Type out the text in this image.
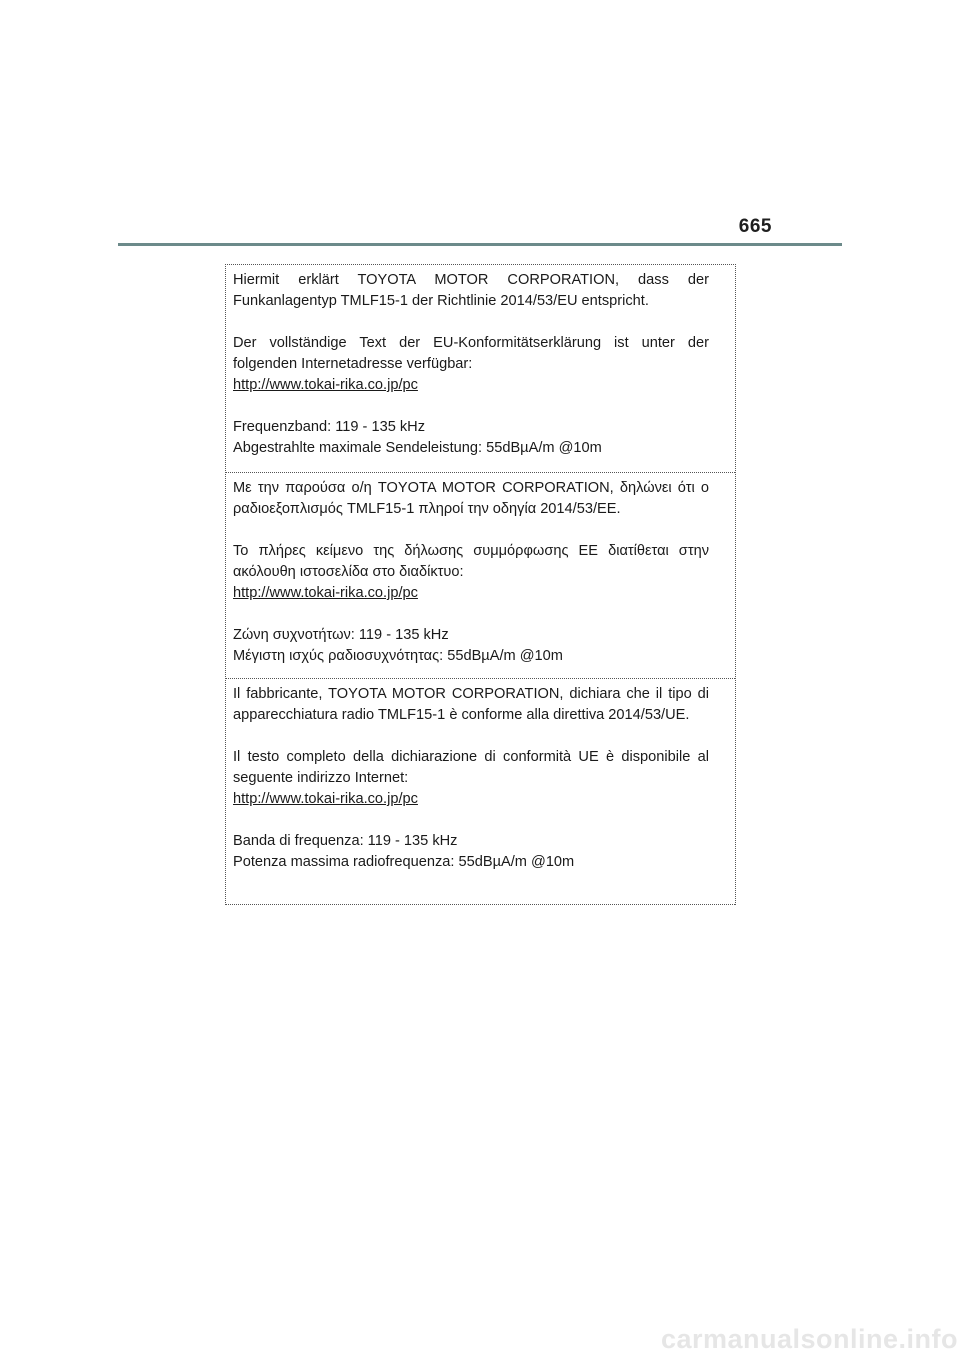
665

Hiermit erklärt TOYOTA MOTOR CORPORATION, dass der Funkanlagentyp TMLF15-1 der Richtlinie 2014/53/EU entspricht.

Der vollständige Text der EU-Konformitätserklärung ist unter der folgenden Internetadresse verfügbar:
http://www.tokai-rika.co.jp/pc

Frequenzband: 119 - 135 kHz
Abgestrahlte maximale Sendeleistung: 55dBµA/m @10m

Με την παρούσα ο/η TOYOTA MOTOR CORPORATION, δηλώνει ότι ο ραδιοεξοπλισμός TMLF15-1 πληροί την οδηγία 2014/53/ΕΕ.

Το πλήρες κείμενο της δήλωσης συμμόρφωσης ΕΕ διατίθεται στην ακόλουθη ιστοσελίδα στο διαδίκτυο:
http://www.tokai-rika.co.jp/pc

Ζώνη συχνοτήτων: 119 - 135 kHz
Μέγιστη ισχύς ραδιοσυχνότητας: 55dBµA/m @10m

Il fabbricante, TOYOTA MOTOR CORPORATION, dichiara che il tipo di apparecchiatura radio TMLF15-1 è conforme alla direttiva 2014/53/UE.

Il testo completo della dichiarazione di conformità UE è disponibile al seguente indirizzo Internet:
http://www.tokai-rika.co.jp/pc

Banda di frequenza: 119 - 135 kHz
Potenza massima radiofrequenza: 55dBµA/m @10m

carmanualsonline.info
